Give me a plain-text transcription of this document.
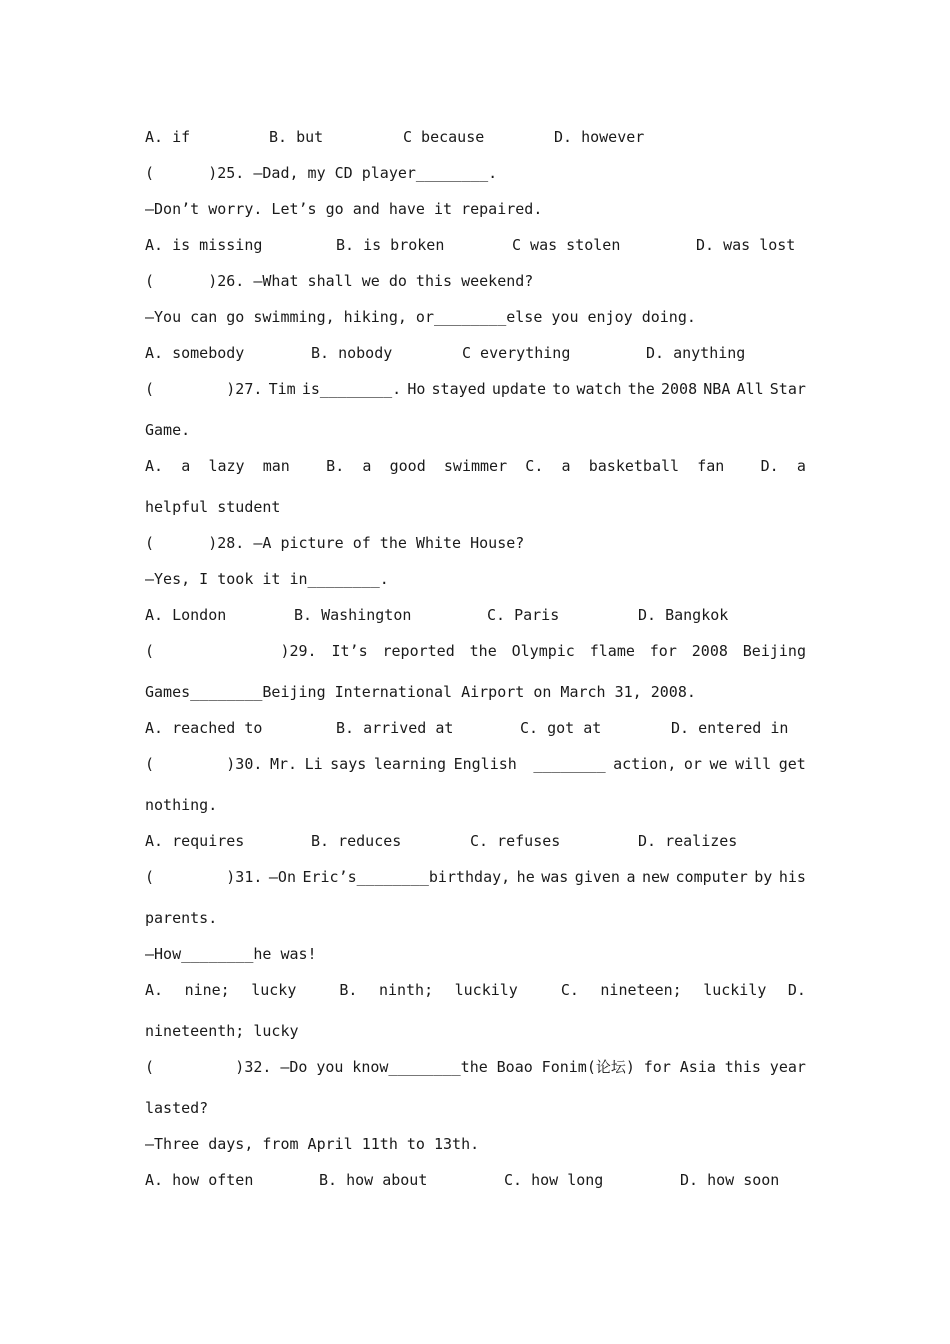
A. if	B. but	C because	D. however
(      )25. —Dad, my CD player________.
—Don’t worry. Let’s go and have it repaired.
A. is missing	B. is broken	C was stolen	D. was lost
(      )26. —What shall we do this weekend?
—You can go swimming, hiking, or________else you enjoy doing.
A. somebody	B. nobody	C everything	D. anything
(        )27. Tim is________. Ho stayed update to watch the 2008 NBA All Star
Game.
A. a lazy man B. a good swimmer C. a basketball fan D. a
helpful student
(      )28. —A picture of the White House?
—Yes, I took it in________.
A. London	B. Washington	C. Paris	D. Bangkok
(              )29. It’s reported the Olympic flame for 2008 Beijing
Games________Beijing International Airport on March 31, 2008.
A. reached to	B. arrived at	C. got at	D. entered in
(        )30. Mr. Li says learning English ________ action, or we will get
nothing.
A. requires	B. reduces	C. refuses	D. realizes
(        )31. —On Eric’s________birthday, he was given a new computer by his
parents.
—How________he was!
A. nine; lucky	B. ninth; luckily	C. nineteen; luckily D.
nineteenth; lucky
(         )32. —Do you know________the Boao Fonim(论坛) for Asia this year
lasted?
—Three days, from April 11th to 13th.
A. how often	B. how about	C. how long	D. how soon
